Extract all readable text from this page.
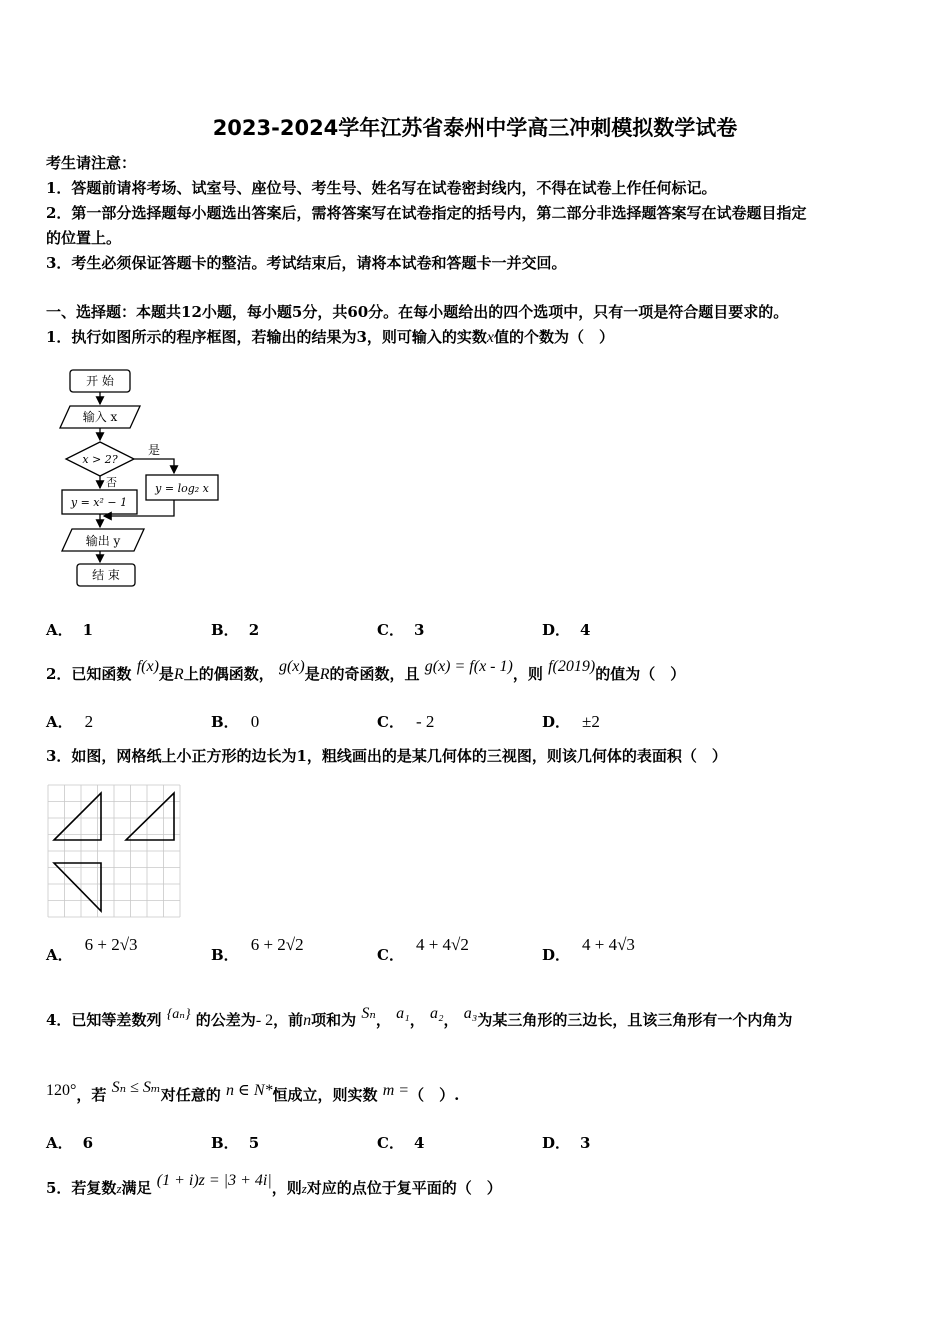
2023-2024学年江苏省泰州中学高三冲刺模拟数学试卷
考生请注意：
1．答题前请将考场、试室号、座位号、考生号、姓名写在试卷密封线内，不得在试卷上作任何标记。
2．第一部分选择题每小题选出答案后，需将答案写在试卷指定的括号内，第二部分非选择题答案写在试卷题目指定
的位置上。
3．考生必须保证答题卡的整洁。考试结束后，请将本试卷和答题卡一并交回。
一、选择题：本题共12小题，每小题5分，共60分。在每小题给出的四个选项中，只有一项是符合题目要求的。
1．执行如图所示的程序框图，若输出的结果为3，则可输入的实数x值的个数为（　）
开 始
输入 x
x > 2?
是
否	y = log₂ x
y = x² − 1
输出 y
结 束
A． 1	B． 2	C． 3	D． 4
2．已知函数 f(x)是R上的偶函数， g(x)是R的奇函数，且 g(x) = f(x - 1)，则 f(2019)的值为（　）
A． 2	B． 0	C． - 2	D． ±2
3．如图，网格纸上小正方形的边长为1，粗线画出的是某几何体的三视图，则该几何体的表面积（　）
A．6 + 2√3
B．6 + 2√2
C．4 + 4√2
D．4 + 4√3
4．已知等差数列 {aₙ} 的公差为- 2，前n项和为 Sₙ， a₁， a₂， a₃为某三角形的三边长，且该三角形有一个内角为
120°，若 Sₙ ≤ Sₘ对任意的 n ∈ N*恒成立，则实数 m =（　）.
A． 6	B． 5	C． 4	D． 3
5．若复数z满足 (1 + i)z = |3 + 4i|，则z对应的点位于复平面的（　）
